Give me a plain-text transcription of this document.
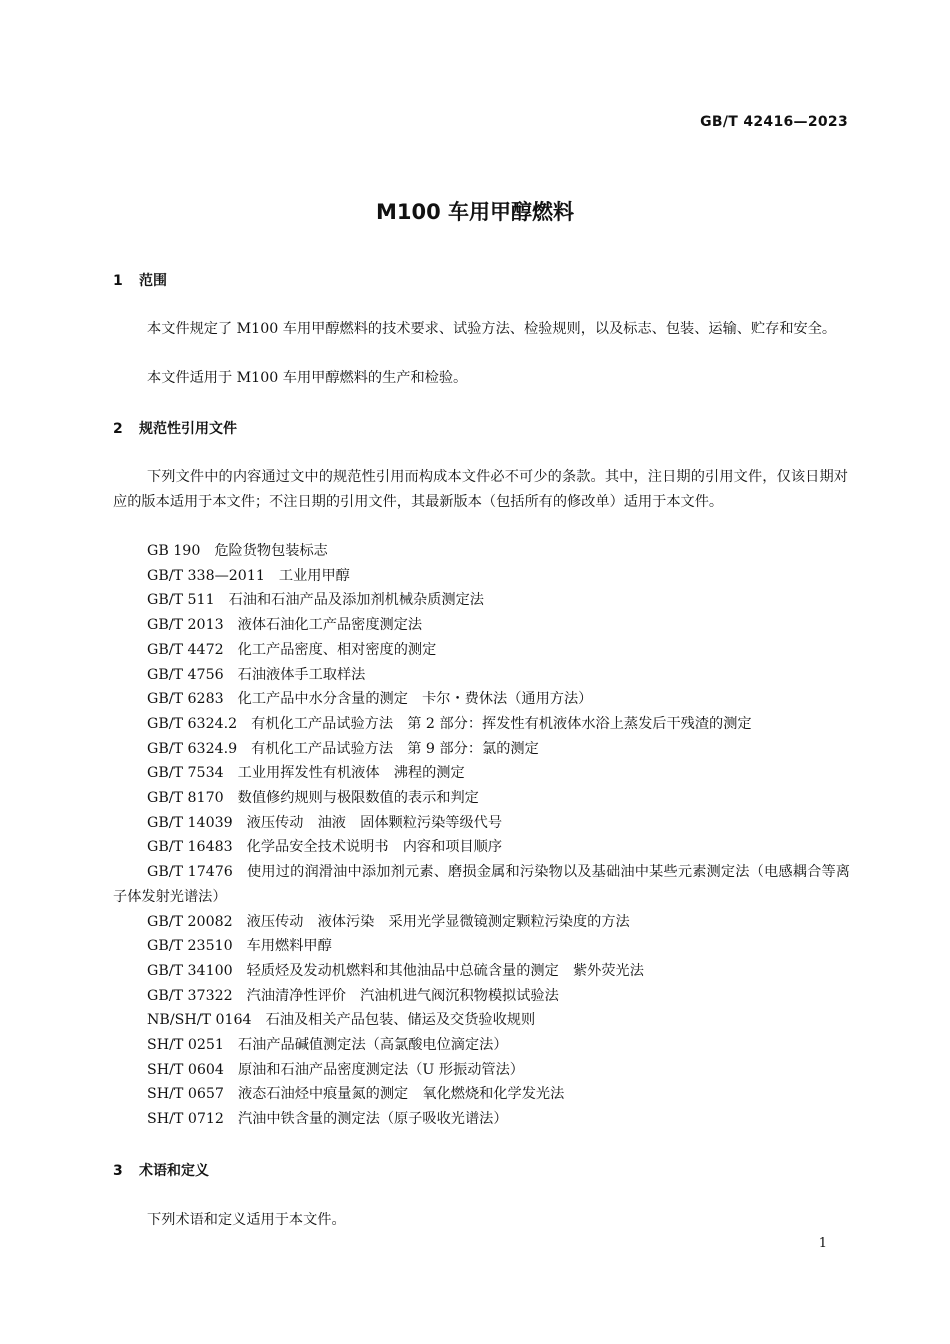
GB/T 42416—2023
M100 车用甲醇燃料
1 范围

本文件规定了 M100 车用甲醇燃料的技术要求、试验方法、检验规则，以及标志、包装、运输、贮存和安全。

本文件适用于 M100 车用甲醇燃料的生产和检验。

2 规范性引用文件

下列文件中的内容通过文中的规范性引用而构成本文件必不可少的条款。其中，注日期的引用文件，仅该日期对应的版本适用于本文件；不注日期的引用文件，其最新版本（包括所有的修改单）适用于本文件。

GB 190 危险货物包装标志
GB/T 338—2011 工业用甲醇
GB/T 511 石油和石油产品及添加剂机械杂质测定法
GB/T 2013 液体石油化工产品密度测定法
GB/T 4472 化工产品密度、相对密度的测定
GB/T 4756 石油液体手工取样法
GB/T 6283 化工产品中水分含量的测定　卡尔・费休法（通用方法）
GB/T 6324.2 有机化工产品试验方法　第 2 部分：挥发性有机液体水浴上蒸发后干残渣的测定
GB/T 6324.9 有机化工产品试验方法　第 9 部分：氯的测定
GB/T 7534 工业用挥发性有机液体　沸程的测定
GB/T 8170 数值修约规则与极限数值的表示和判定
GB/T 14039 液压传动　油液　固体颗粒污染等级代号
GB/T 16483 化学品安全技术说明书　内容和项目顺序
GB/T 17476 使用过的润滑油中添加剂元素、磨损金属和污染物以及基础油中某些元素测定法（电感耦合等离子体发射光谱法）
GB/T 20082 液压传动　液体污染　采用光学显微镜测定颗粒污染度的方法
GB/T 23510 车用燃料甲醇
GB/T 34100 轻质烃及发动机燃料和其他油品中总硫含量的测定　紫外荧光法
GB/T 37322 汽油清净性评价　汽油机进气阀沉积物模拟试验法
NB/SH/T 0164 石油及相关产品包装、储运及交货验收规则
SH/T 0251 石油产品碱值测定法（高氯酸电位滴定法）
SH/T 0604 原油和石油产品密度测定法（U 形振动管法）
SH/T 0657 液态石油烃中痕量氮的测定　氧化燃烧和化学发光法
SH/T 0712 汽油中铁含量的测定法（原子吸收光谱法）
3 术语和定义

下列术语和定义适用于本文件。

1
